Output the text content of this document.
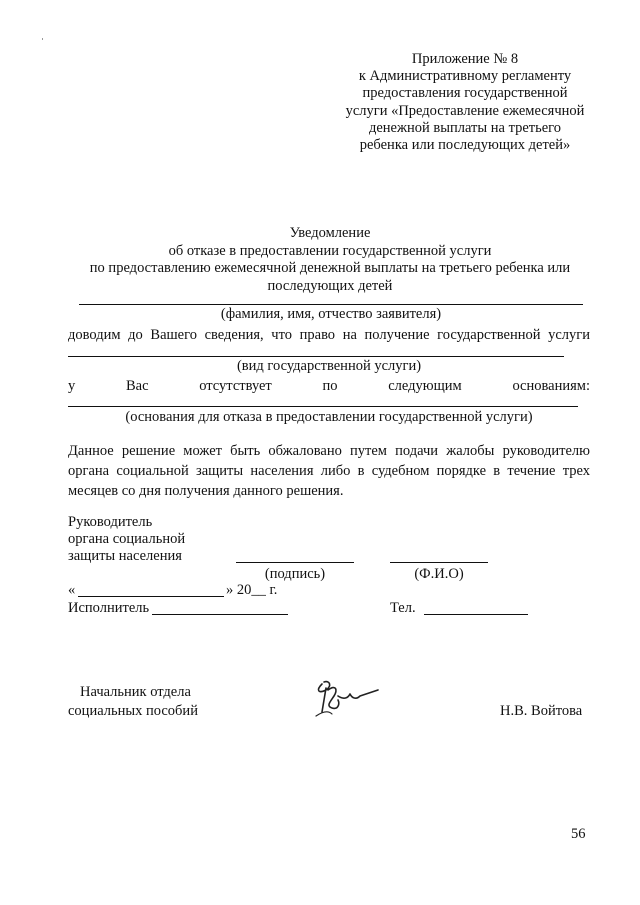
Приложение № 8
к Административному регламенту
предоставления государственной
услуги «Предоставление ежемесячной
денежной выплаты на третьего
ребенка или последующих детей»
Уведомление
об отказе в предоставлении государственной услуги
по предоставлению ежемесячной денежной выплаты на третьего ребенка или
последующих детей
(фамилия, имя, отчество заявителя)
доводим до Вашего сведения, что право на получение государственной услуги
(вид государственной услуги)
у	Вас	отсутствует	по	следующим	основаниям:
(основания для отказа в предоставлении государственной услуги)
Данное решение может быть обжаловано путем подачи жалобы руководителю
органа социальной защиты населения либо в судебном порядке в течение трех
месяцев со дня получения данного решения.
Руководитель
органа социальной
защиты населения
(подпись)	(Ф.И.О)
«	» 20__ г.
Исполнитель	Тел.
Начальник отдела
социальных пособий	Н.В. Войтова
56
